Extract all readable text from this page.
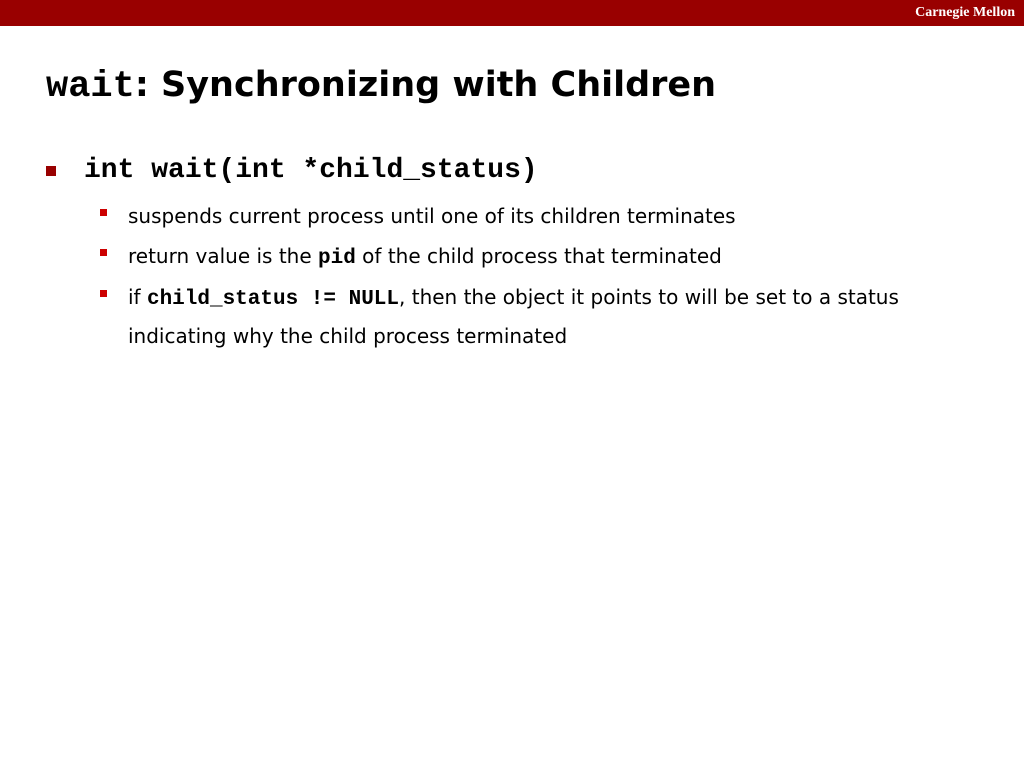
Carnegie Mellon
wait: Synchronizing with Children
int wait(int *child_status)
suspends current process until one of its children terminates
return value is the pid of the child process that terminated
if child_status != NULL, then the object it points to will be set to a status indicating why the child process terminated
